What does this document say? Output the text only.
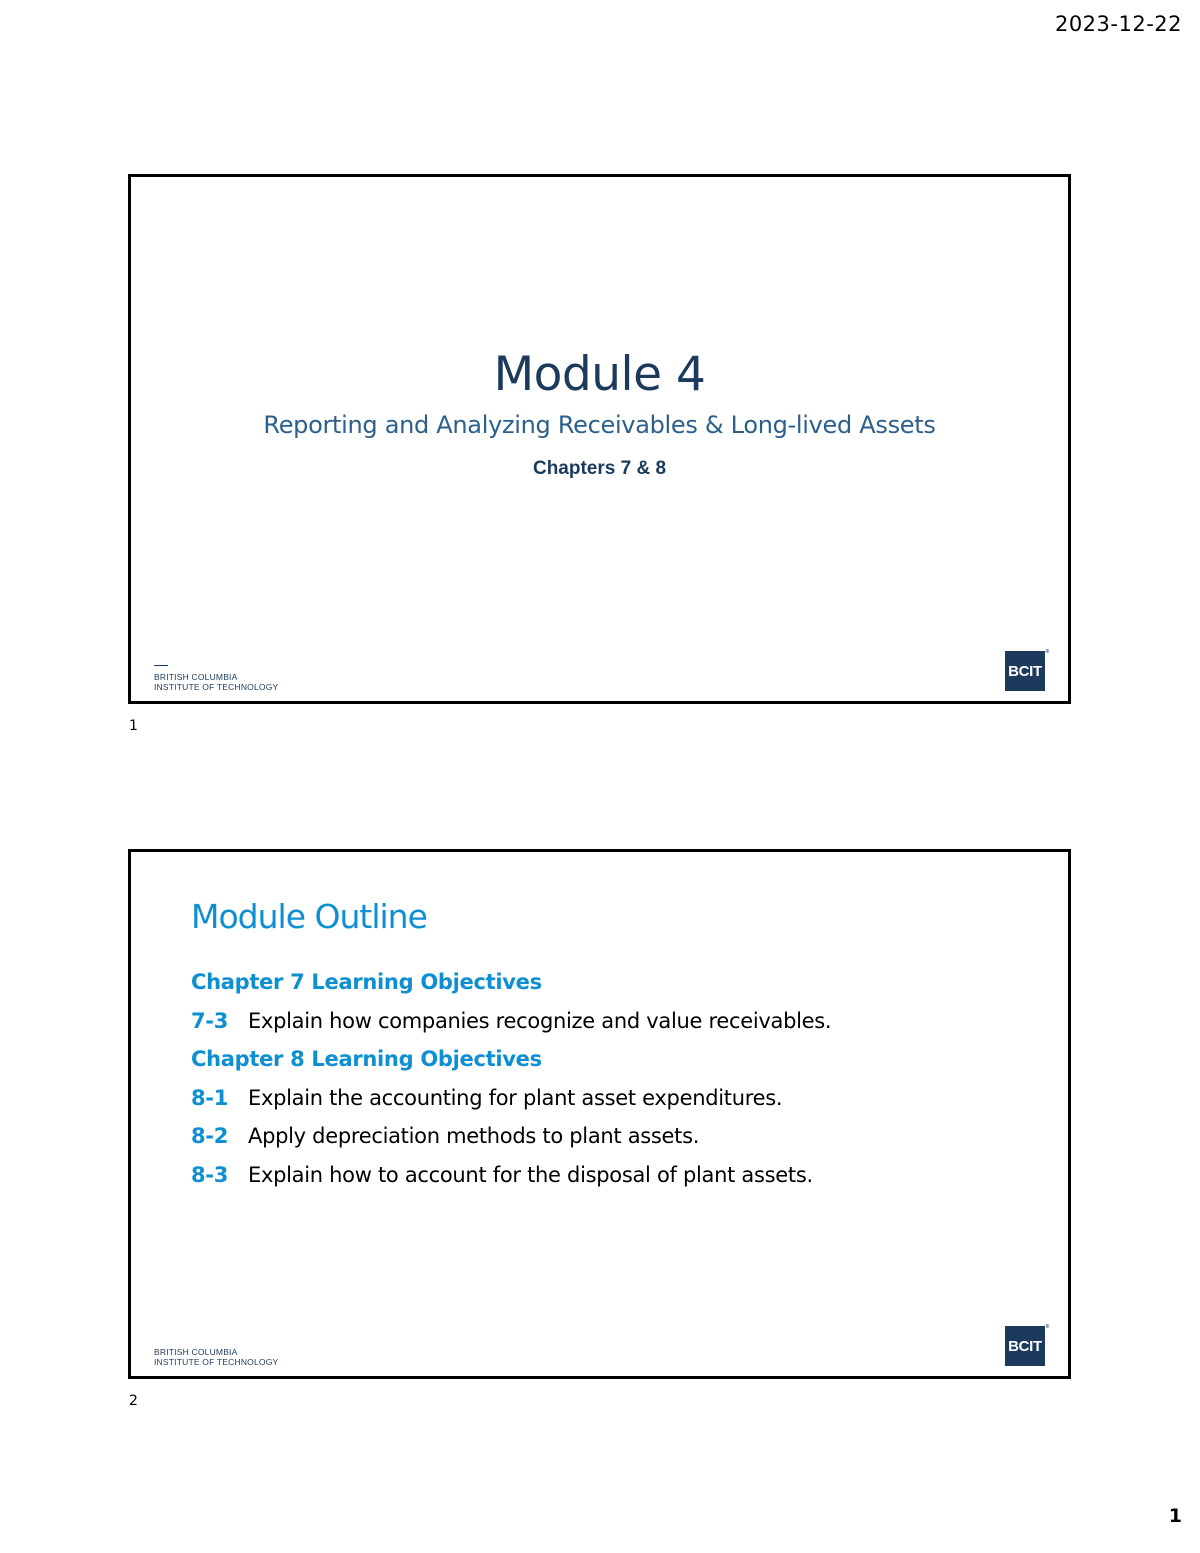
2023-12-22
Module 4
Reporting and Analyzing Receivables & Long-lived Assets
Chapters 7 & 8
BRITISH COLUMBIA
INSTITUTE OF TECHNOLOGY
BCIT
®
1
Module Outline
Chapter 7 Learning Objectives
7-3 Explain how companies recognize and value receivables.
Chapter 8 Learning Objectives
8-1 Explain the accounting for plant asset expenditures.
8-2 Apply depreciation methods to plant assets.
8-3 Explain how to account for the disposal of plant assets.
BRITISH COLUMBIA
INSTITUTE OF TECHNOLOGY
BCIT
®
2
1
